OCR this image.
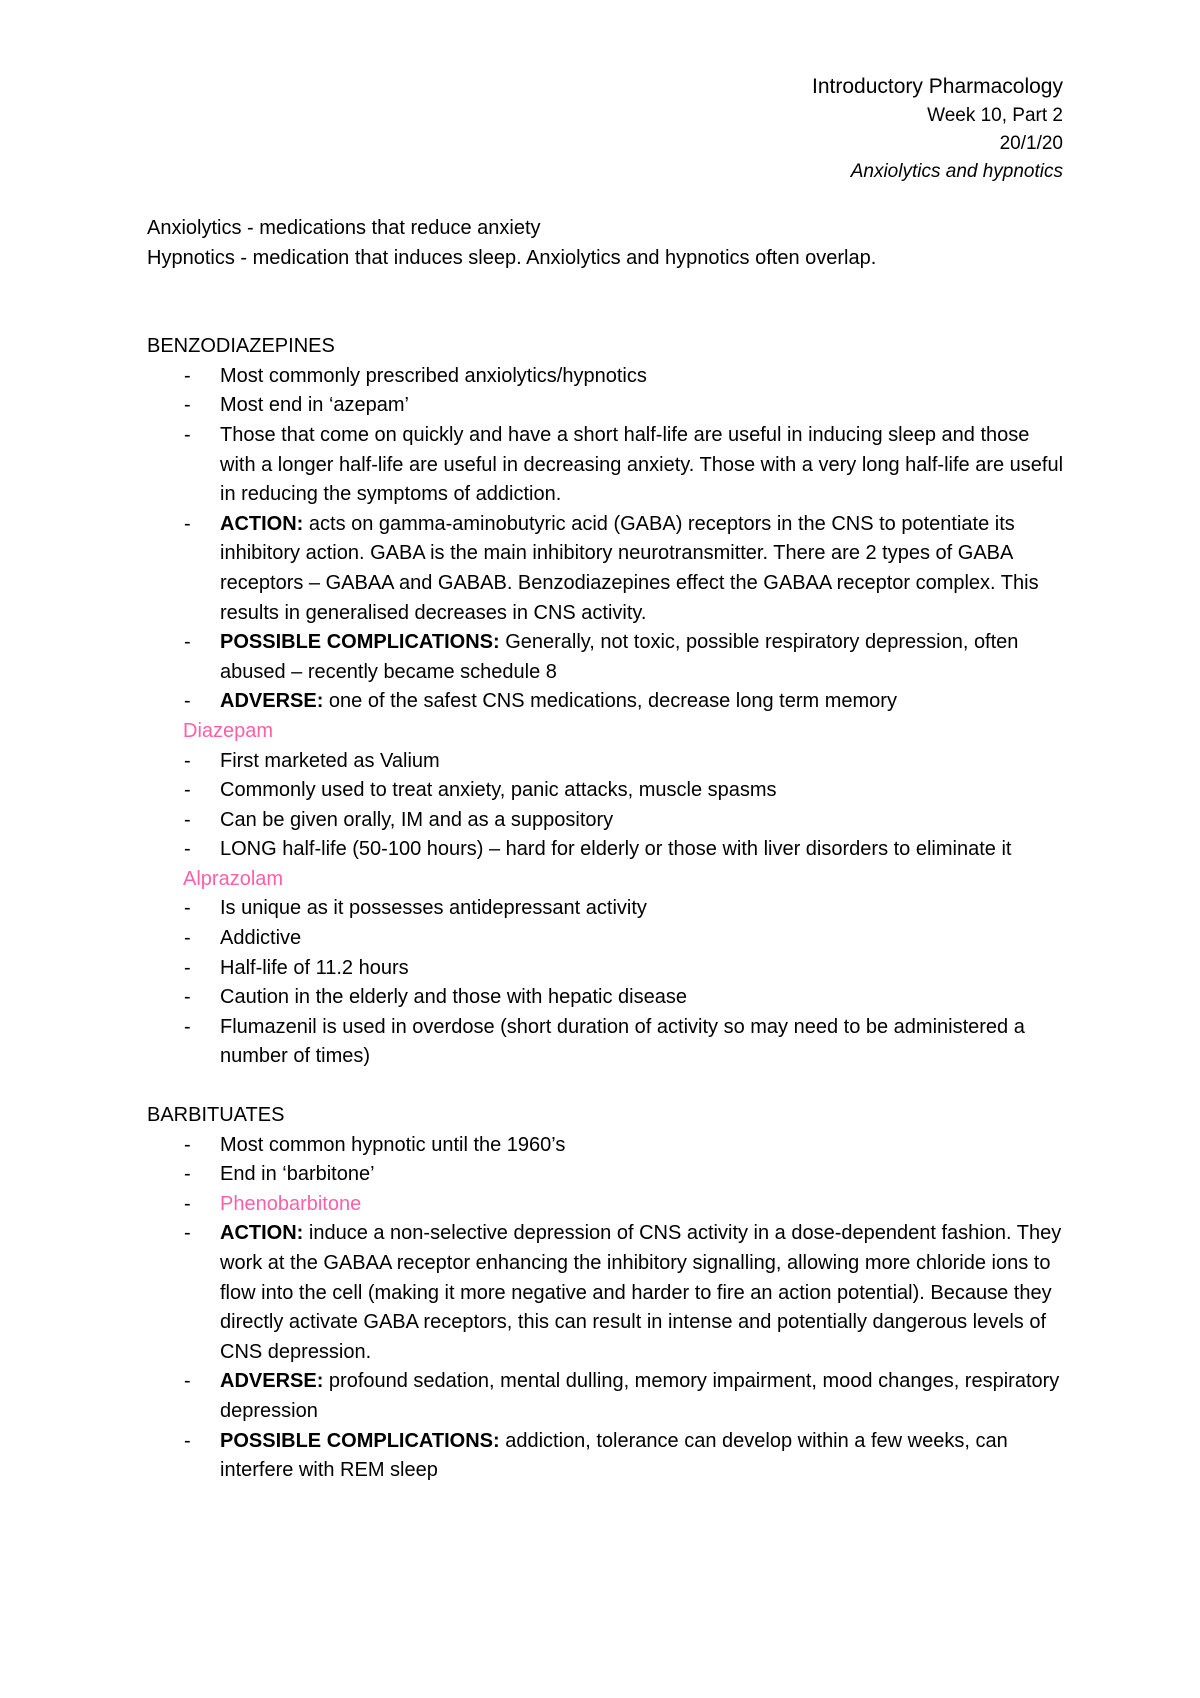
Introductory Pharmacology
Week 10, Part 2
20/1/20
Anxiolytics and hypnotics

Anxiolytics - medications that reduce anxiety

Hypnotics - medication that induces sleep. Anxiolytics and hypnotics often overlap.

BENZODIAZEPINES

- Most commonly prescribed anxiolytics/hypnotics
- Most end in ‘azepam’
- Those that come on quickly and have a short half-life are useful in inducing sleep and those with a longer half-life are useful in decreasing anxiety. Those with a very long half-life are useful in reducing the symptoms of addiction.
- ACTION: acts on gamma-aminobutyric acid (GABA) receptors in the CNS to potentiate its inhibitory action. GABA is the main inhibitory neurotransmitter. There are 2 types of GABA receptors – GABAA and GABAB. Benzodiazepines effect the GABAA receptor complex. This results in generalised decreases in CNS activity.
- POSSIBLE COMPLICATIONS: Generally, not toxic, possible respiratory depression, often abused – recently became schedule 8
- ADVERSE: one of the safest CNS medications, decrease long term memory
Diazepam
- First marketed as Valium
- Commonly used to treat anxiety, panic attacks, muscle spasms
- Can be given orally, IM and as a suppository
- LONG half-life (50-100 hours) – hard for elderly or those with liver disorders to eliminate it
Alprazolam
- Is unique as it possesses antidepressant activity
- Addictive
- Half-life of 11.2 hours
- Caution in the elderly and those with hepatic disease
- Flumazenil is used in overdose (short duration of activity so may need to be administered a number of times)

BARBITUATES

- Most common hypnotic until the 1960’s
- End in ‘barbitone’
- Phenobarbitone
- ACTION: induce a non-selective depression of CNS activity in a dose-dependent fashion. They work at the GABAA receptor enhancing the inhibitory signalling, allowing more chloride ions to flow into the cell (making it more negative and harder to fire an action potential). Because they directly activate GABA receptors, this can result in intense and potentially dangerous levels of CNS depression.
- ADVERSE: profound sedation, mental dulling, memory impairment, mood changes, respiratory depression
- POSSIBLE COMPLICATIONS: addiction, tolerance can develop within a few weeks, can interfere with REM sleep
